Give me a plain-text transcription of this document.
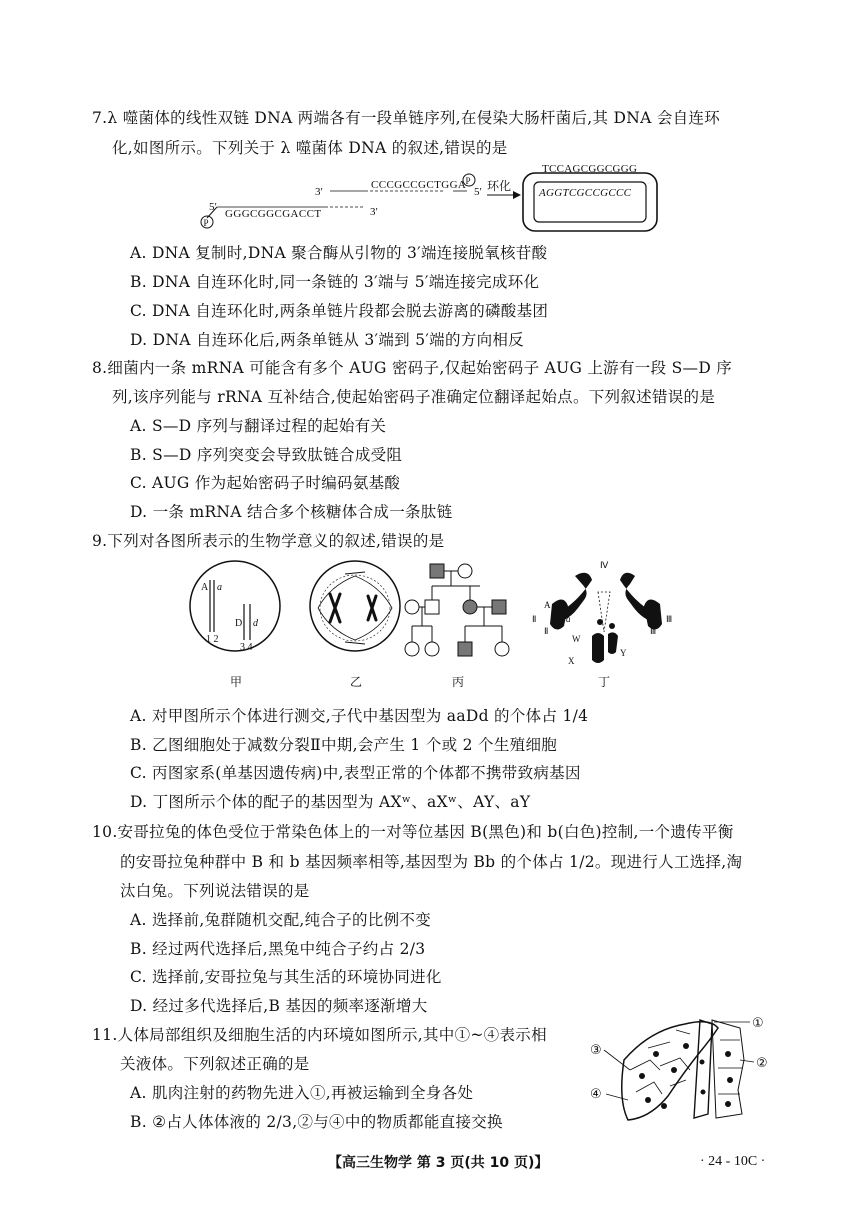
7.λ 噬菌体的线性双链 DNA 两端各有一段单链序列,在侵染大肠杆菌后,其 DNA 会自连环
化,如图所示。下列关于 λ 噬菌体 DNA 的叙述,错误的是
5′
P
GGGCGGCGACCT	3′
3′
CCCGCCGCTGGA P
5′ 环化
TCCAGCGGCGGG
AGGTCGCCGCCC
A. DNA 复制时,DNA 聚合酶从引物的 3′端连接脱氧核苷酸
B. DNA 自连环化时,同一条链的 3′端与 5′端连接完成环化
C. DNA 自连环化时,两条单链片段都会脱去游离的磷酸基团
D. DNA 自连环化后,两条单链从 3′端到 5′端的方向相反
8.细菌内一条 mRNA 可能含有多个 AUG 密码子,仅起始密码子 AUG 上游有一段 S—D 序
列,该序列能与 rRNA 互补结合,使起始密码子准确定位翻译起始点。下列叙述错误的是
A. S—D 序列与翻译过程的起始有关
B. S—D 序列突变会导致肽链合成受阻
C. AUG 作为起始密码子时编码氨基酸
D. 一条 mRNA 结合多个核糖体合成一条肽链
9.下列对各图所表示的生物学意义的叙述,错误的是
A a
1 2
D d
3 4
甲	乙	丙
Ⅳ
Ⅱ
Ⅱ	Ⅲ
Ⅲ
A
a
W
X
Y
丁
A. 对甲图所示个体进行测交,子代中基因型为 aaDd 的个体占 1/4
B. 乙图细胞处于减数分裂Ⅱ中期,会产生 1 个或 2 个生殖细胞
C. 丙图家系(单基因遗传病)中,表型正常的个体都不携带致病基因
D. 丁图所示个体的配子的基因型为 AXʷ、aXʷ、AY、aY
10.安哥拉兔的体色受位于常染色体上的一对等位基因 B(黑色)和 b(白色)控制,一个遗传平衡
的安哥拉兔种群中 B 和 b 基因频率相等,基因型为 Bb 的个体占 1/2。现进行人工选择,淘
汰白兔。下列说法错误的是
A. 选择前,兔群随机交配,纯合子的比例不变
B. 经过两代选择后,黑兔中纯合子约占 2/3
C. 选择前,安哥拉兔与其生活的环境协同进化
D. 经过多代选择后,B 基因的频率逐渐增大
11.人体局部组织及细胞生活的内环境如图所示,其中①~④表示相
关液体。下列叙述正确的是
A. 肌肉注射的药物先进入①,再被运输到全身各处
B. ②占人体体液的 2/3,②与④中的物质都能直接交换
①
②
③
④
【高三生物学 第 3 页(共 10 页)】	· 24 - 10C ·
